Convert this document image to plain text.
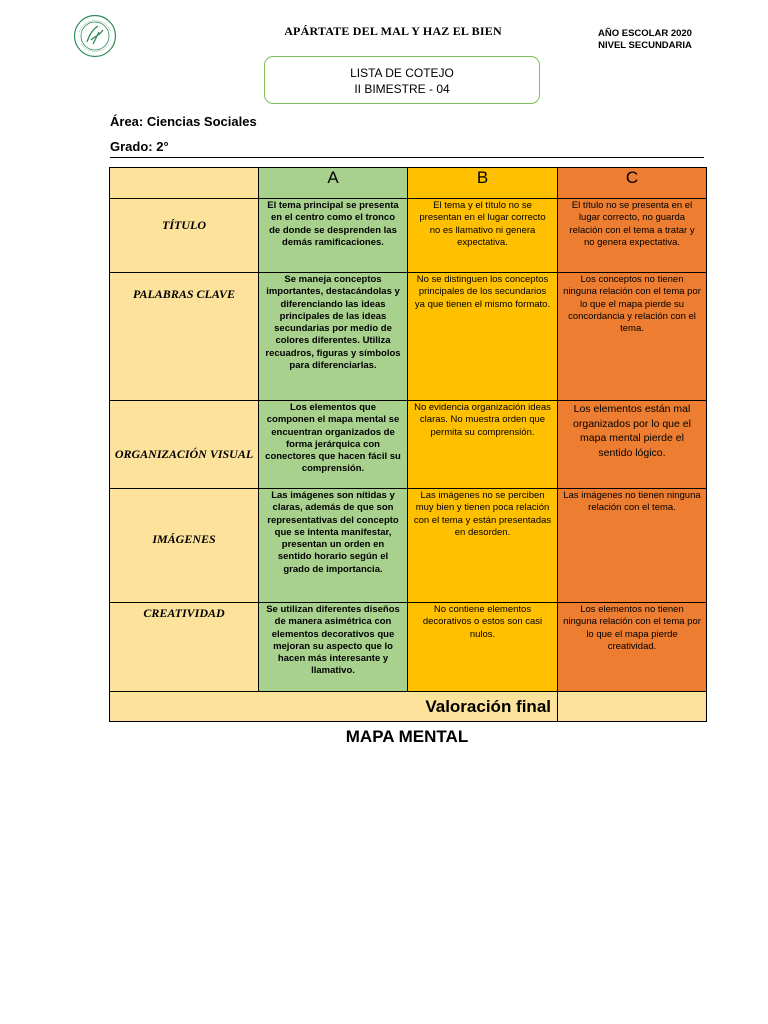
APÁRTATE DEL MAL Y HAZ EL BIEN	AÑO ESCOLAR 2020
NIVEL SECUNDARIA
LISTA DE COTEJO
II BIMESTRE - 04
Área: Ciencias Sociales
Grado: 2°
	A	B	C

TÍTULO	El tema principal se presenta en el centro como el tronco de donde se desprenden las demás ramificaciones.	El tema y el título no se presentan en el lugar correcto no es llamativo ni genera expectativa.	El título no se presenta en el lugar correcto, no guarda relación con el tema a tratar y no genera expectativa.

PALABRAS CLAVE	Se maneja conceptos importantes, destacándolas y diferenciando las ideas principales de las ideas secundarias por medio de colores diferentes. Utiliza recuadros, figuras y símbolos para diferenciarlas.	No se distinguen los conceptos principales de los secundarios ya que tienen el mismo formato.	Los conceptos no tienen ninguna relación con el tema por lo que el mapa pierde su concordancia y relación con el tema.

ORGANIZACIÓN VISUAL	Los elementos que componen el mapa mental se encuentran organizados de forma jerárquica con conectores que hacen fácil su comprensión.	No evidencia organización ideas claras. No muestra orden que permita su comprensión.	Los elementos están mal organizados por lo que el mapa mental pierde el sentido lógico.

IMÁGENES	Las imágenes son nítidas y claras, además de que son representativas del concepto que se intenta manifestar, presentan un orden en sentido horario según el grado de importancia.	Las imágenes no se perciben muy bien y tienen poca relación con el tema y están presentadas en desorden.	Las imágenes no tienen ninguna relación con el tema.

CREATIVIDAD	Se utilizan diferentes diseños de manera asimétrica con elementos decorativos que mejoran su aspecto que lo hacen más interesante y llamativo.	No contiene elementos decorativos o estos son casi nulos.	Los elementos no tienen ninguna relación con el tema por lo que el mapa pierde creatividad.

Valoración final			
MAPA MENTAL
